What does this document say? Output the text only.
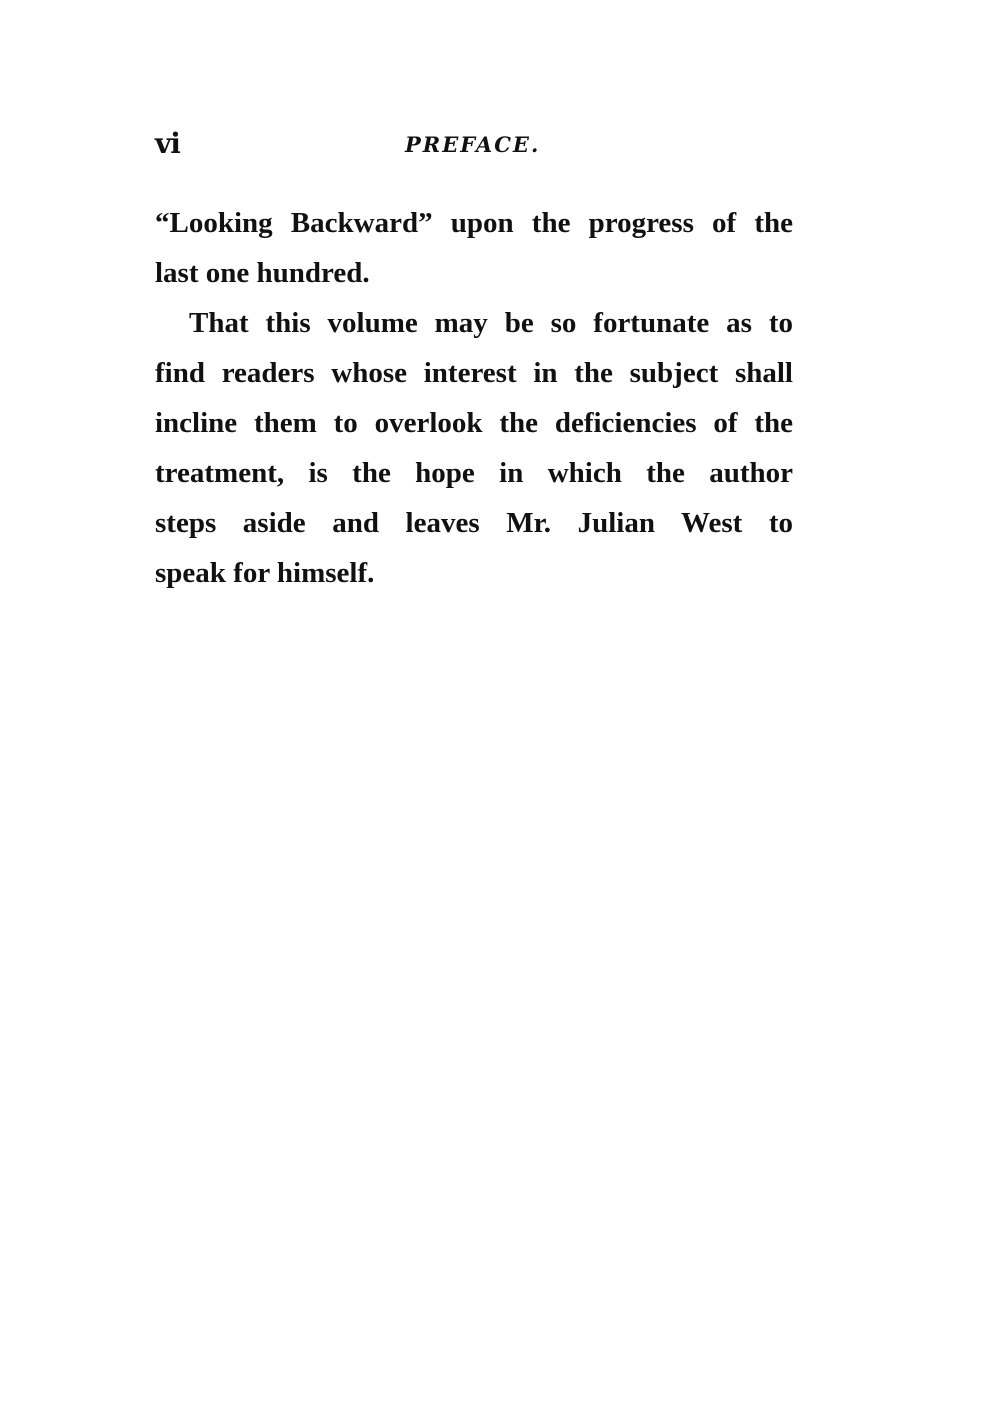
vi	PREFACE.
“Looking Backward” upon the progress of the
last one hundred.
That this volume may be so fortunate as to
find readers whose interest in the subject shall
incline them to overlook the deficiencies of the
treatment, is the hope in which the author
steps aside and leaves Mr. Julian West to
speak for himself.
